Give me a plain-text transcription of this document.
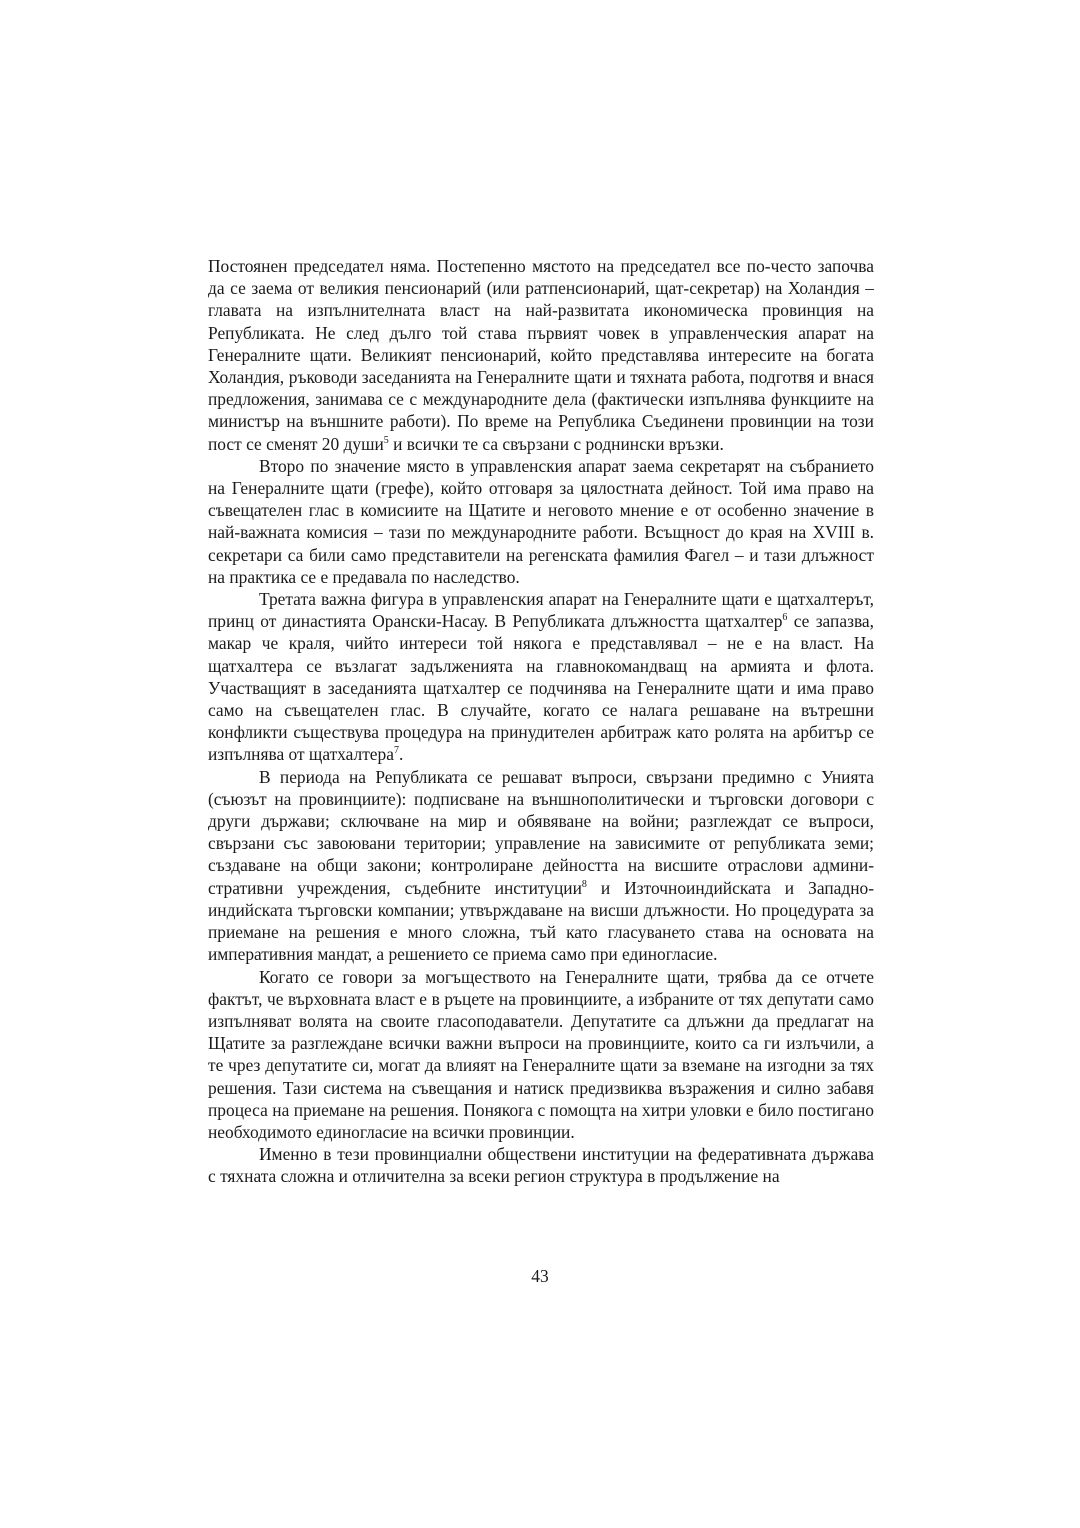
Постоянен председател няма. Постепенно мястото на председател все по-често започва да се заема от великия пенсионарий (или ратпенсионарий, щат-секретар) на Холандия – главата на изпълнителната власт на най-развитата икономическа провинция на Републиката. Не след дълго той става първият човек в управленческия апарат на Генералните щати. Великият пенсионарий, който представлява интересите на богата Холандия, ръководи заседанията на Генералните щати и тяхната работа, подготвя и внася предложения, занимава се с международните дела (фактически изпълнява функциите на министър на външните работи). По време на Република Съединени провинции на този пост се сменят 20 души$^5$ и всички те са свързани с роднински връзки.

Второ по значение място в управленския апарат заема секретарят на събранието на Генералните щати (грефе), който отговаря за цялостната дейност. Той има право на съвещателен глас в комисиите на Щатите и неговото мнение е от особенно значение в най-важната комисия – тази по международните работи. Всъщност до края на XVIII в. секретари са били само представители на регенската фамилия Фагел – и тази длъжност на практика се е предавала по наследство.

Третата важна фигура в управленския апарат на Генералните щати е щатхалтерът, принц от династията Орански-Насау. В Републиката длъжността щатхалтер$^6$ се запазва, макар че краля, чийто интереси той някога е представлявал – не е на власт. На щатхалтера се възлагат задълженията на главнокомандващ на армията и флота. Участващият в заседанията щатхалтер се подчинява на Генералните щати и има право само на съвещателен глас. В случайте, когато се налага решаване на вътрешни конфликти съществува процедура на принудителен арбитраж като ролята на арбитър се изпълнява от щатхалтера$^7$.

В периода на Републиката се решават въпроси, свързани предимно с Унията (съюзът на провинциите): подписване на външнополитически и търговски договори с други държави; сключване на мир и обявяване на войни; разглеждат се въпроси, свързани със завоювани територии; управление на зависимите от републиката земи; създаване на общи закони; контролиране дейността на висшите отраслови административни учреждения, съдебните институции$^8$ и Източноиндийската и Западноиндийската търговски компании; утвърждаване на висши длъжности. Но процедурата за приемане на решения е много сложна, тъй като гласуването става на основата на императивния мандат, а решението се приема само при единогласие.

Когато се говори за могъществото на Генералните щати, трябва да се отчете фактът, че върховната власт е в ръцете на провинциите, а избраните от тях депутати само изпълняват волята на своите гласоподаватели. Депутатите са длъжни да предлагат на Щатите за разглеждане всички важни въпроси на провинциите, които са ги излъчили, а те чрез депутатите си, могат да влияят на Генералните щати за вземане на изгодни за тях решения. Тази система на съвещания и натиск предизвиква възражения и силно забавя процеса на приемане на решения. Понякога с помощта на хитри уловки е било постигано необходимото единогласие на всички провинции.

Именно в тези провинциални обществени институции на федеративната държава с тяхната сложна и отличителна за всеки регион структура в продължение на

43
